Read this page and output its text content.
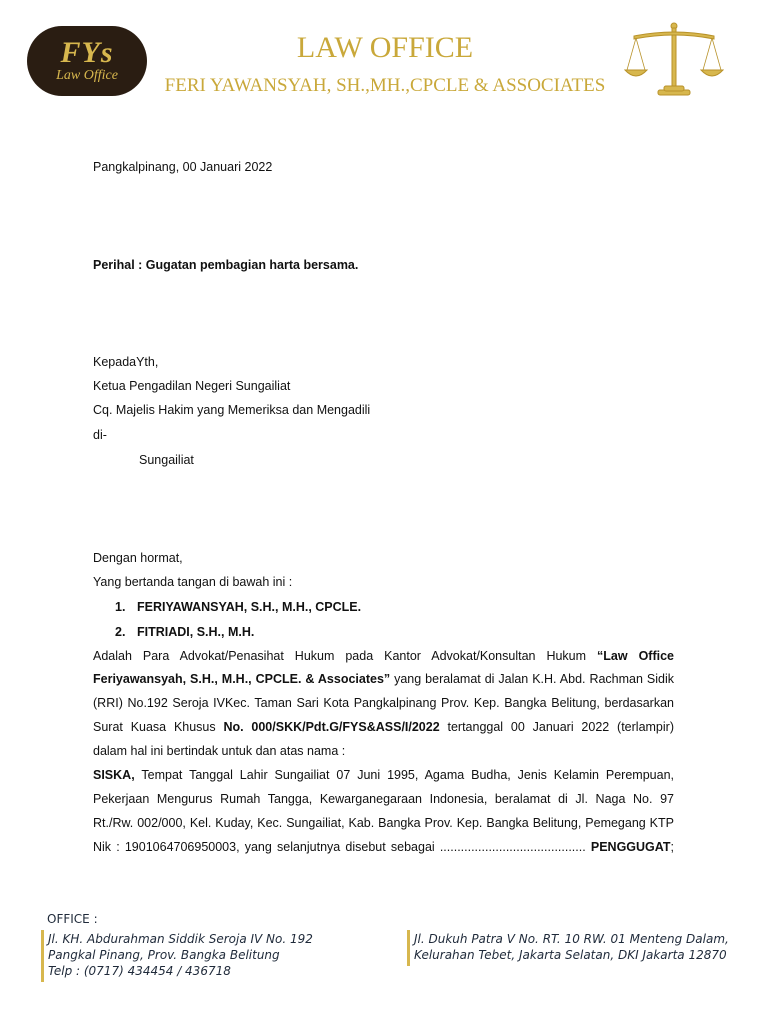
FYs
Law Office
LAW OFFICE
FERI YAWANSYAH, SH.,MH.,CPCLE & ASSOCIATES
Pangkalpinang, 00 Januari 2022
Perihal : Gugatan pembagian harta bersama.
KepadaYth,
Ketua Pengadilan Negeri Sungailiat
Cq. Majelis Hakim yang Memeriksa dan Mengadili
di-
Sungailiat
Dengan hormat,
Yang bertanda tangan di bawah ini :
1. FERIYAWANSYAH, S.H., M.H., CPCLE.
2. FITRIADI, S.H., M.H.
Adalah Para Advokat/Penasihat Hukum pada Kantor Advokat/Konsultan Hukum “Law Office
Feriyawansyah, S.H., M.H., CPCLE. & Associates” yang beralamat di Jalan K.H. Abd. Rachman Sidik
(RRI) No.192 Seroja IVKec. Taman Sari Kota Pangkalpinang Prov. Kep. Bangka Belitung, berdasarkan
Surat Kuasa Khusus No. 000/SKK/Pdt.G/FYS&ASS/I/2022 tertanggal 00 Januari 2022 (terlampir)
dalam hal ini bertindak untuk dan atas nama :
SISKA, Tempat Tanggal Lahir Sungailiat 07 Juni 1995, Agama Budha, Jenis Kelamin Perempuan,
Pekerjaan Mengurus Rumah Tangga, Kewarganegaraan Indonesia, beralamat di Jl. Naga No. 97
Rt./Rw. 002/000, Kel. Kuday, Kec. Sungailiat, Kab. Bangka Prov. Kep. Bangka Belitung, Pemegang KTP
Nik : 1901064706950003, yang selanjutnya disebut sebagai .......................................... PENGGUGAT;
OFFICE :
Jl. KH. Abdurahman Siddik Seroja IV No. 192
Pangkal Pinang, Prov. Bangka Belitung
Telp : (0717) 434454 / 436718
Jl. Dukuh Patra V No. RT. 10 RW. 01 Menteng Dalam,
Kelurahan Tebet, Jakarta Selatan, DKI Jakarta 12870
